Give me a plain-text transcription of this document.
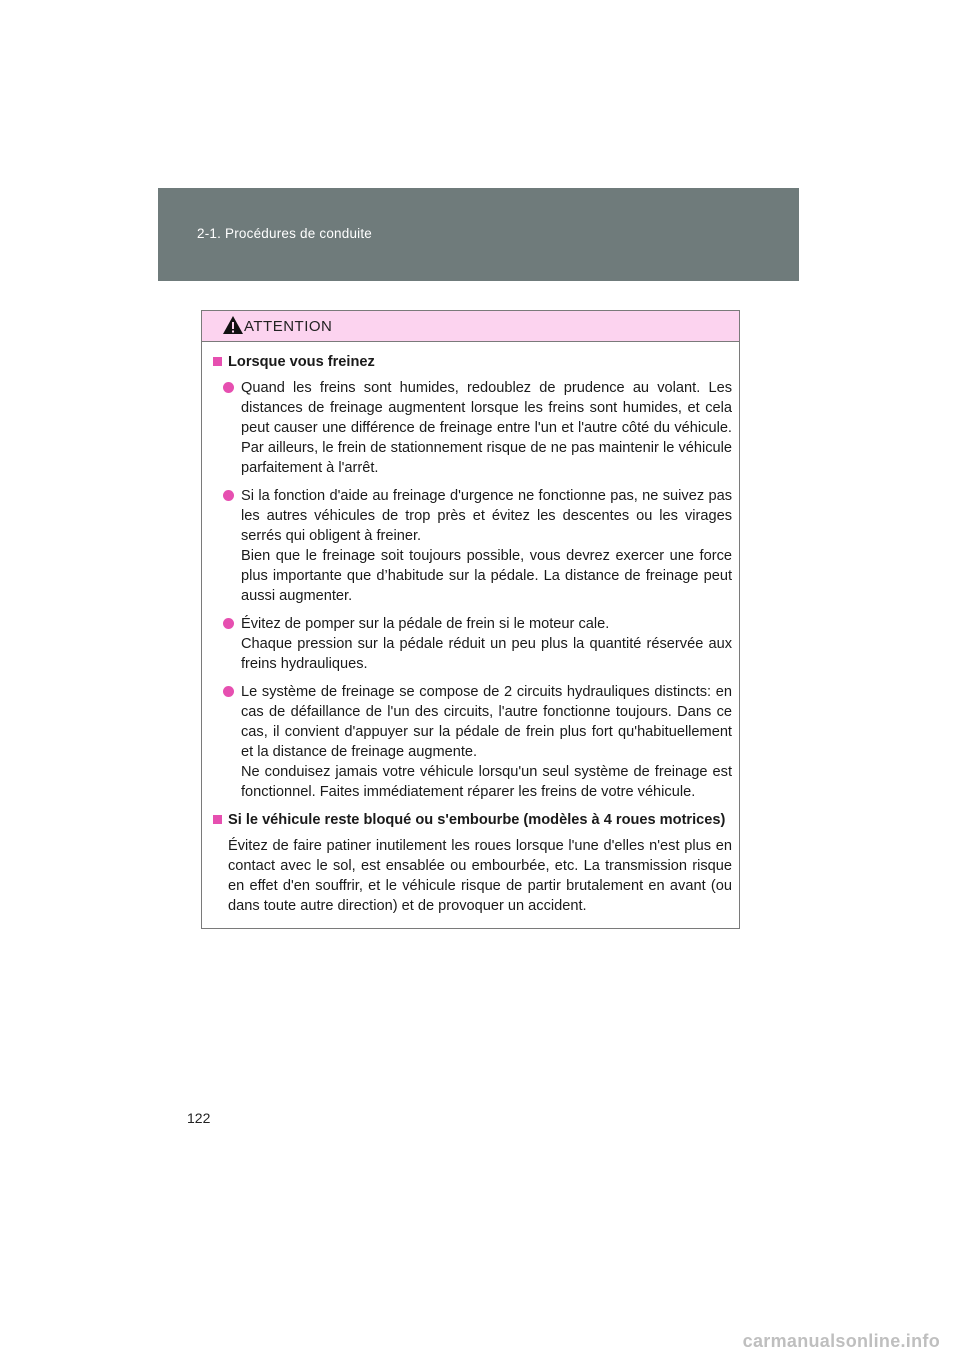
2-1. Procédures de conduite
ATTENTION
Lorsque vous freinez

Quand les freins sont humides, redoublez de prudence au volant. Les distances de freinage augmentent lorsque les freins sont humides, et cela peut causer une différence de freinage entre l'un et l'autre côté du véhicule. Par ailleurs, le frein de stationnement risque de ne pas maintenir le véhicule parfaitement à l'arrêt.

Si la fonction d'aide au freinage d'urgence ne fonctionne pas, ne suivez pas les autres véhicules de trop près et évitez les descentes ou les virages serrés qui obligent à freiner.

Bien que le freinage soit toujours possible, vous devrez exercer une force plus importante que d’habitude sur la pédale. La distance de freinage peut aussi augmenter.

Évitez de pomper sur la pédale de frein si le moteur cale.

Chaque pression sur la pédale réduit un peu plus la quantité réservée aux freins hydrauliques.

Le système de freinage se compose de 2 circuits hydrauliques distincts: en cas de défaillance de l'un des circuits, l'autre fonctionne toujours. Dans ce cas, il convient d'appuyer sur la pédale de frein plus fort qu'habituellement et la distance de freinage augmente.

Ne conduisez jamais votre véhicule lorsqu'un seul système de freinage est fonctionnel. Faites immédiatement réparer les freins de votre véhicule.

Si le véhicule reste bloqué ou s'embourbe (modèles à 4 roues motrices)
Évitez de faire patiner inutilement les roues lorsque l'une d'elles n'est plus en contact avec le sol, est ensablée ou embourbée, etc. La transmission risque en effet d'en souffrir, et le véhicule risque de partir brutalement en avant (ou dans toute autre direction) et de provoquer un accident.
122
carmanualsonline.info
